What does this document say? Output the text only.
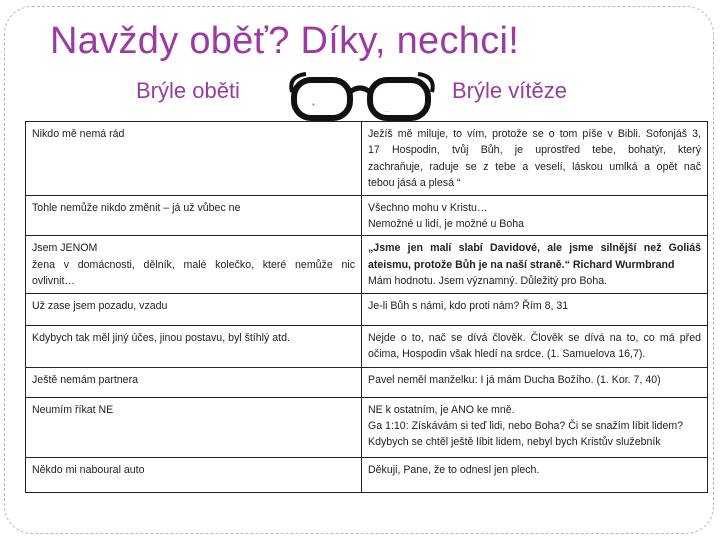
Navždy oběť? Díky, nechci!
Brýle oběti	Brýle vítěze
*
…
Nikdo mě nemá rád	Ježíš mě miluje, to vím, protože se o tom píše v Bibli. Sofonjáš 3,
17 Hospodin, tvůj Bůh, je uprostřed tebe, bohatýr, který
zachraňuje, raduje se z tebe a veselí, láskou umlká a opět nač
tebou jásá a plesá “

Tohle nemůže nikdo změnit – já už vůbec ne	Všechno mohu v Kristu…
Nemožné u lidí, je možné u Boha

Jsem JENOM
žena v domácnosti, dělník, malé kolečko, které nemůže nic
ovlivnit…	„Jsme jen malí slabí Davidové, ale jsme silnější než Goliáš
ateismu, protože Bůh je na naší straně.“ Richard Wurmbrand
Mám hodnotu. Jsem významný. Důležitý pro Boha.

Už zase jsem pozadu, vzadu	Je-li Bůh s námi, kdo proti nám? Řím 8, 31

Kdybych tak měl jiný účes, jinou postavu, byl štíhlý atd.	Nejde o to, nač se dívá člověk. Člověk se dívá na to, co má před
očima, Hospodin však hledí na srdce. (1. Samuelova 16,7).

Ještě nemám partnera	Pavel neměl manželku: I já mám Ducha Božího. (1. Kor. 7, 40)

Neumím říkat NE	NE k ostatním, je ANO ke mně.
Ga 1:10: Získávám si teď lidi, nebo Boha? Či se snažím líbit lidem?
Kdybych se chtěl ještě líbit lidem, nebyl bych Kristův služebník

Někdo mi naboural auto	Děkuji, Pane, že to odnesl jen plech.
